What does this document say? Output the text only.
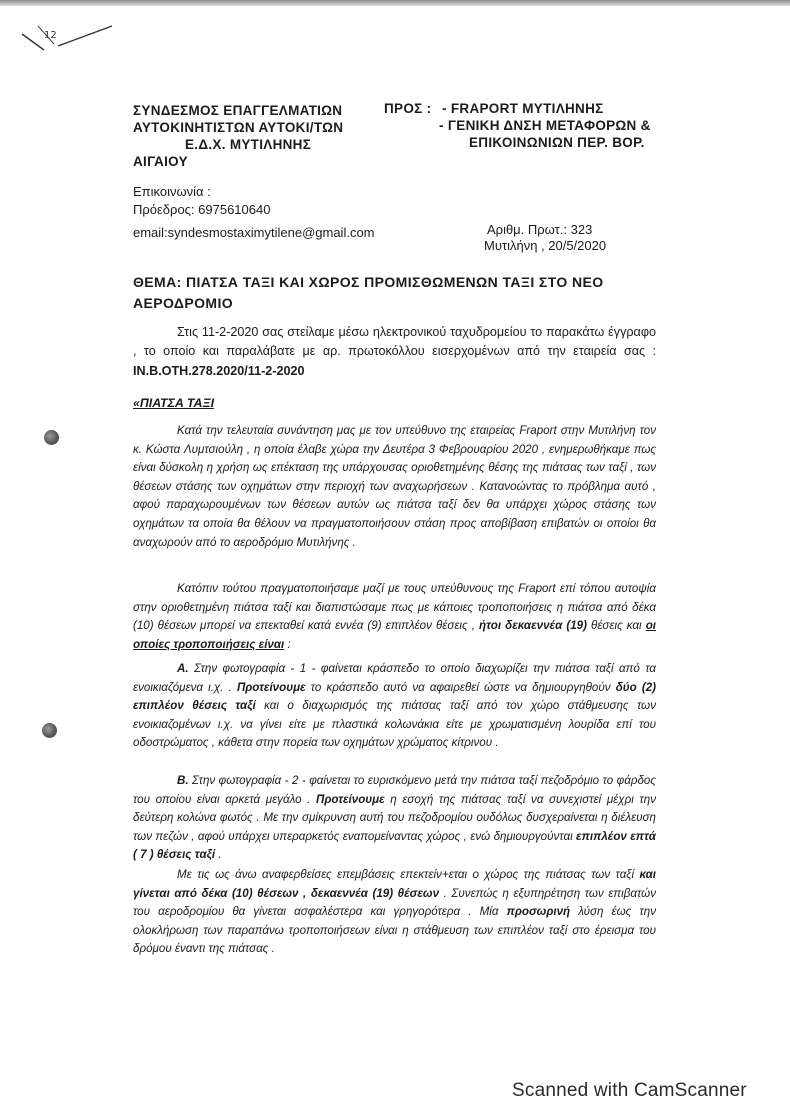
12
ΣΥΝΔΕΣΜΟΣ ΕΠΑΓΓΕΛΜΑΤΙΩΝ
ΑΥΤΟΚΙΝΗΤΙΣΤΩΝ ΑΥΤΟΚΙ/ΤΩΝ
Ε.Δ.Χ. ΜΥΤΙΛΗΝΗΣ
ΑΙΓΑΙΟΥ
ΠΡΟΣ : - FRAPORT ΜΥΤΙΛΗΝΗΣ
- ΓΕΝΙΚΗ ΔΝΣΗ ΜΕΤΑΦΟΡΩΝ &
ΕΠΙΚΟΙΝΩΝΙΩΝ ΠΕΡ. ΒΟΡ.
Επικοινωνία :
Πρόεδρος: 6975610640
email:syndesmostaximytilene@gmail.com	Αριθμ. Πρωτ.: 323
Μυτιλήνη , 20/5/2020
ΘΕΜΑ: ΠΙΑΤΣΑ ΤΑΞΙ ΚΑΙ ΧΩΡΟΣ ΠΡΟΜΙΣΘΩΜΕΝΩΝ ΤΑΞΙ ΣΤΟ ΝΕΟ
ΑΕΡΟΔΡΟΜΙΟ

Στις 11-2-2020 σας στείλαμε μέσω ηλεκτρονικού ταχυδρομείου το παρακάτω έγγραφο , το οποίο και παραλάβατε με αρ. πρωτοκόλλου εισερχομένων από την εταιρεία σας : IN.B.OTH.278.2020/11-2-2020

«ΠΙΑΤΣΑ ΤΑΞΙ

Κατά την τελευταία συνάντηση μας με τον υπεύθυνο της εταιρείας Fraport στην Μυτιλήνη τον κ. Κώστα Λυμτσιούλη , η οποία έλαβε χώρα την Δευτέρα 3 Φεβρουαρίου 2020 , ενημερωθήκαμε πως είναι δύσκολη η χρήση ως επέκταση της υπάρχουσας οριοθετημένης θέσης της πιάτσας των ταξί , των θέσεων στάσης των οχημάτων στην περιοχή των αναχωρήσεων . Κατανοώντας το πρόβλημα αυτό , αφού παραχωρουμένων των θέσεων αυτών ως πιάτσα ταξί δεν θα υπάρχει χώρος στάσης των οχημάτων τα οποία θα θέλουν να πραγματοποιήσουν στάση προς αποβίβαση επιβατών οι οποίοι θα αναχωρούν από το αεροδρόμιο Μυτιλήνης .

Κατόπιν τούτου πραγματοποιήσαμε μαζί με τους υπεύθυνους της Fraport επί τόπου αυτοψία στην οριοθετημένη πιάτσα ταξί και διαπιστώσαμε πως με κάποιες τροποποιήσεις η πιάτσα από δέκα (10) θέσεων μπορεί να επεκταθεί κατά εννέα (9) επιπλέον θέσεις , ήτοι δεκαεννέα (19) θέσεις και οι οποίες τροποποιήσεις είναι :

Α. Στην φωτογραφία - 1 - φαίνεται κράσπεδο το οποίο διαχωρίζει την πιάτσα ταξί από τα ενοικιαζόμενα ι.χ. . Προτείνουμε το κράσπεδο αυτό να αφαιρεθεί ώστε να δημιουργηθούν δύο (2) επιπλέον θέσεις ταξί και ο διαχωρισμός της πιάτσας ταξί από τον χώρο στάθμευσης των ενοικιαζομένων ι.χ. να γίνει είτε με πλαστικά κολωνάκια είτε με χρωματισμένη λουρίδα επί του οδοστρώματος , κάθετα στην πορεία των οχημάτων χρώματος κίτρινου .

Β. Στην φωτογραφία - 2 - φαίνεται το ευρισκόμενο μετά την πιάτσα ταξί πεζοδρόμιο το φάρδος του οποίου είναι αρκετά μεγάλο . Προτείνουμε η εσοχή της πιάτσας ταξί να συνεχιστεί μέχρι την δεύτερη κολώνα φωτός . Με την σμίκρυνση αυτή του πεζοδρομίου ουδόλως δυσχεραίνεται η διέλευση των πεζών , αφού υπάρχει υπεραρκετός εναπομείναντας χώρος , ενώ δημιουργούνται επιπλέον επτά ( 7 ) θέσεις ταξί .

Με τις ως άνω αναφερθείσες επεμβάσεις επεκτείν+εται ο χώρος της πιάτσας των ταξί και γίνεται από δέκα (10) θέσεων , δεκαεννέα (19) θέσεων . Συνεπώς η εξυπηρέτηση των επιβατών του αεροδρομίου θα γίνεται ασφαλέστερα και γρηγορότερα . Μία προσωρινή λύση έως την ολοκλήρωση των παραπάνω τροποποιήσεων είναι η στάθμευση των επιπλέον ταξί στο έρεισμα του δρόμου έναντι της πιάτσας .

Scanned with CamScanner
